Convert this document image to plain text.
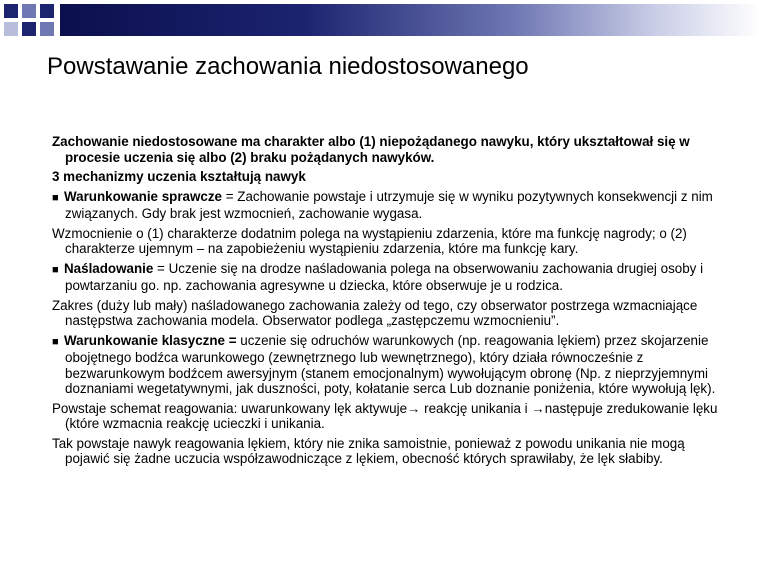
Powstawanie zachowania niedostosowanego

Zachowanie niedostosowane ma charakter albo (1) niepożądanego nawyku, który ukształtował się w procesie uczenia się albo (2) braku pożądanych nawyków.

3 mechanizmy uczenia kształtują nawyk

■ Warunkowanie sprawcze = Zachowanie powstaje i utrzymuje się w wyniku pozytywnych konsekwencji z nim związanych. Gdy brak jest wzmocnień, zachowanie wygasa.

Wzmocnienie o (1) charakterze dodatnim polega na wystąpieniu zdarzenia, które ma funkcję nagrody; o (2) charakterze ujemnym – na zapobieżeniu wystąpieniu zdarzenia, które ma funkcję kary.

■ Naśladowanie = Uczenie się na drodze naśladowania polega na obserwowaniu zachowania drugiej osoby i powtarzaniu go. np. zachowania agresywne u dziecka, które obserwuje je u rodzica.

Zakres (duży lub mały) naśladowanego zachowania zależy od tego, czy obserwator postrzega wzmacniające następstwa zachowania modela. Obserwator podlega „zastępczemu wzmocnieniu”.

■ Warunkowanie klasyczne = uczenie się odruchów warunkowych (np. reagowania lękiem) przez skojarzenie obojętnego bodźca warunkowego (zewnętrznego lub wewnętrznego), który działa równocześnie z bezwarunkowym bodźcem awersyjnym (stanem emocjonalnym) wywołującym obronę (Np. z nieprzyjemnymi doznaniami wegetatywnymi, jak duszności, poty, kołatanie serca Lub doznanie poniżenia, które wywołują lęk).

Powstaje schemat reagowania: uwarunkowany lęk aktywuje→ reakcję unikania i →następuje zredukowanie lęku (które wzmacnia reakcję ucieczki i unikania.

Tak powstaje nawyk reagowania lękiem, który nie znika samoistnie, ponieważ z powodu unikania nie mogą pojawić się żadne uczucia współzawodniczące z lękiem, obecność których sprawiłaby, że lęk słabiby.
